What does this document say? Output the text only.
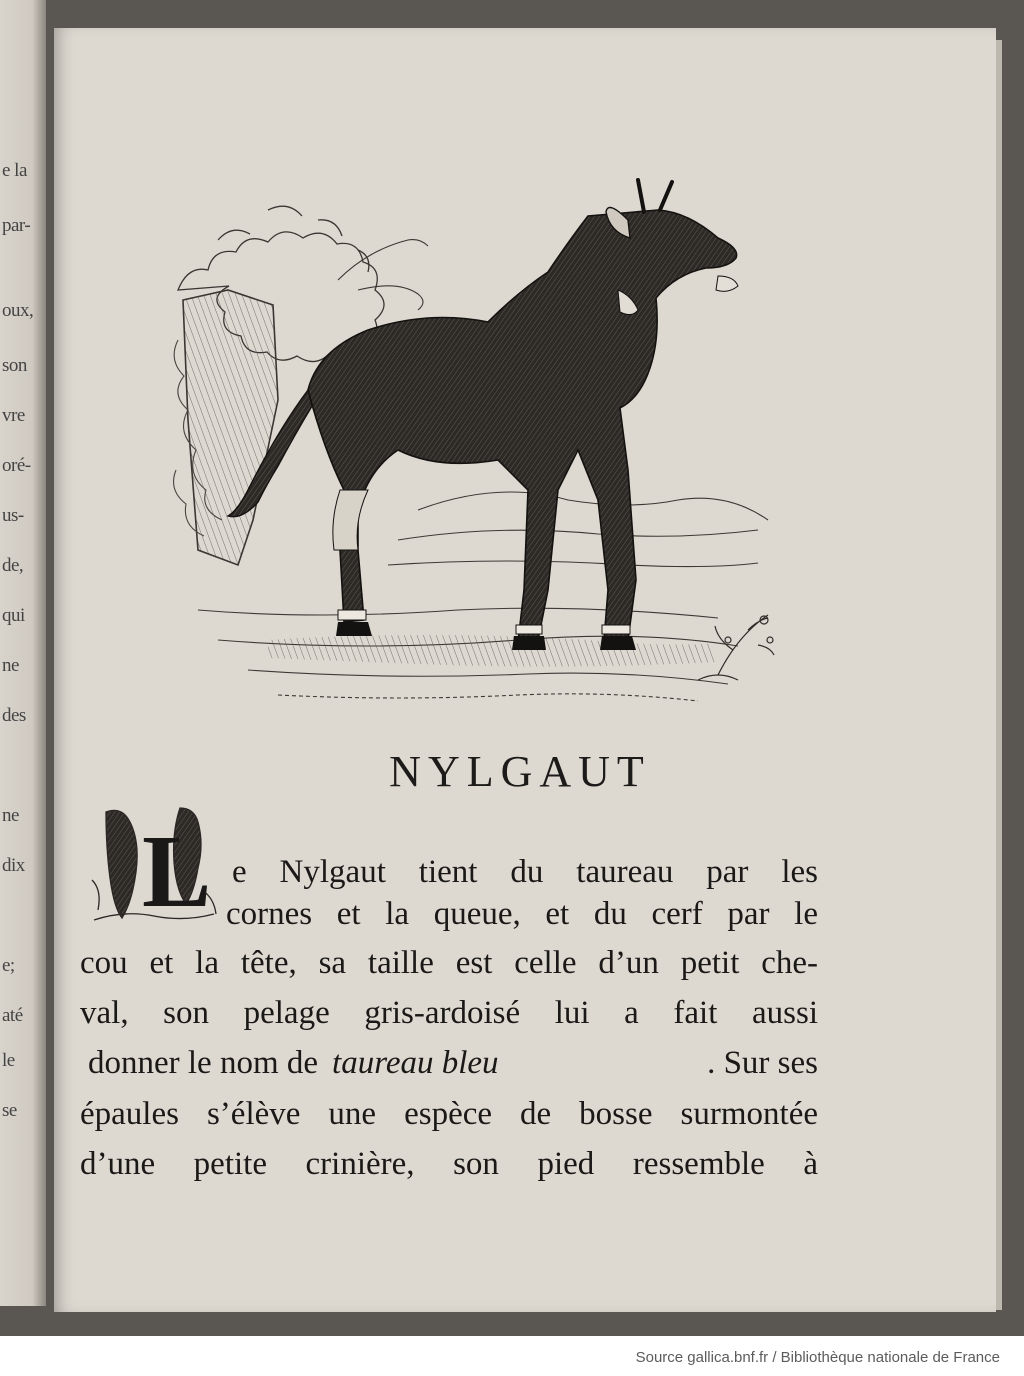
NYLGAUT
L e Nylgaut tient du taureau par les
cornes et la queue, et du cerf par le
cou et la tête, sa taille est celle d’un petit che-
val, son pelage gris-ardoisé lui a fait aussi
donner le nom de taureau bleu	. Sur ses
épaules s’élève une espèce de bosse surmontée
d’une petite crinière, son pied ressemble à
e la
par-
oux,
son
vre
oré-
us-
de,
qui
ne
des
ne
dix
e;
até
le
se
Source gallica.bnf.fr / Bibliothèque nationale de France
